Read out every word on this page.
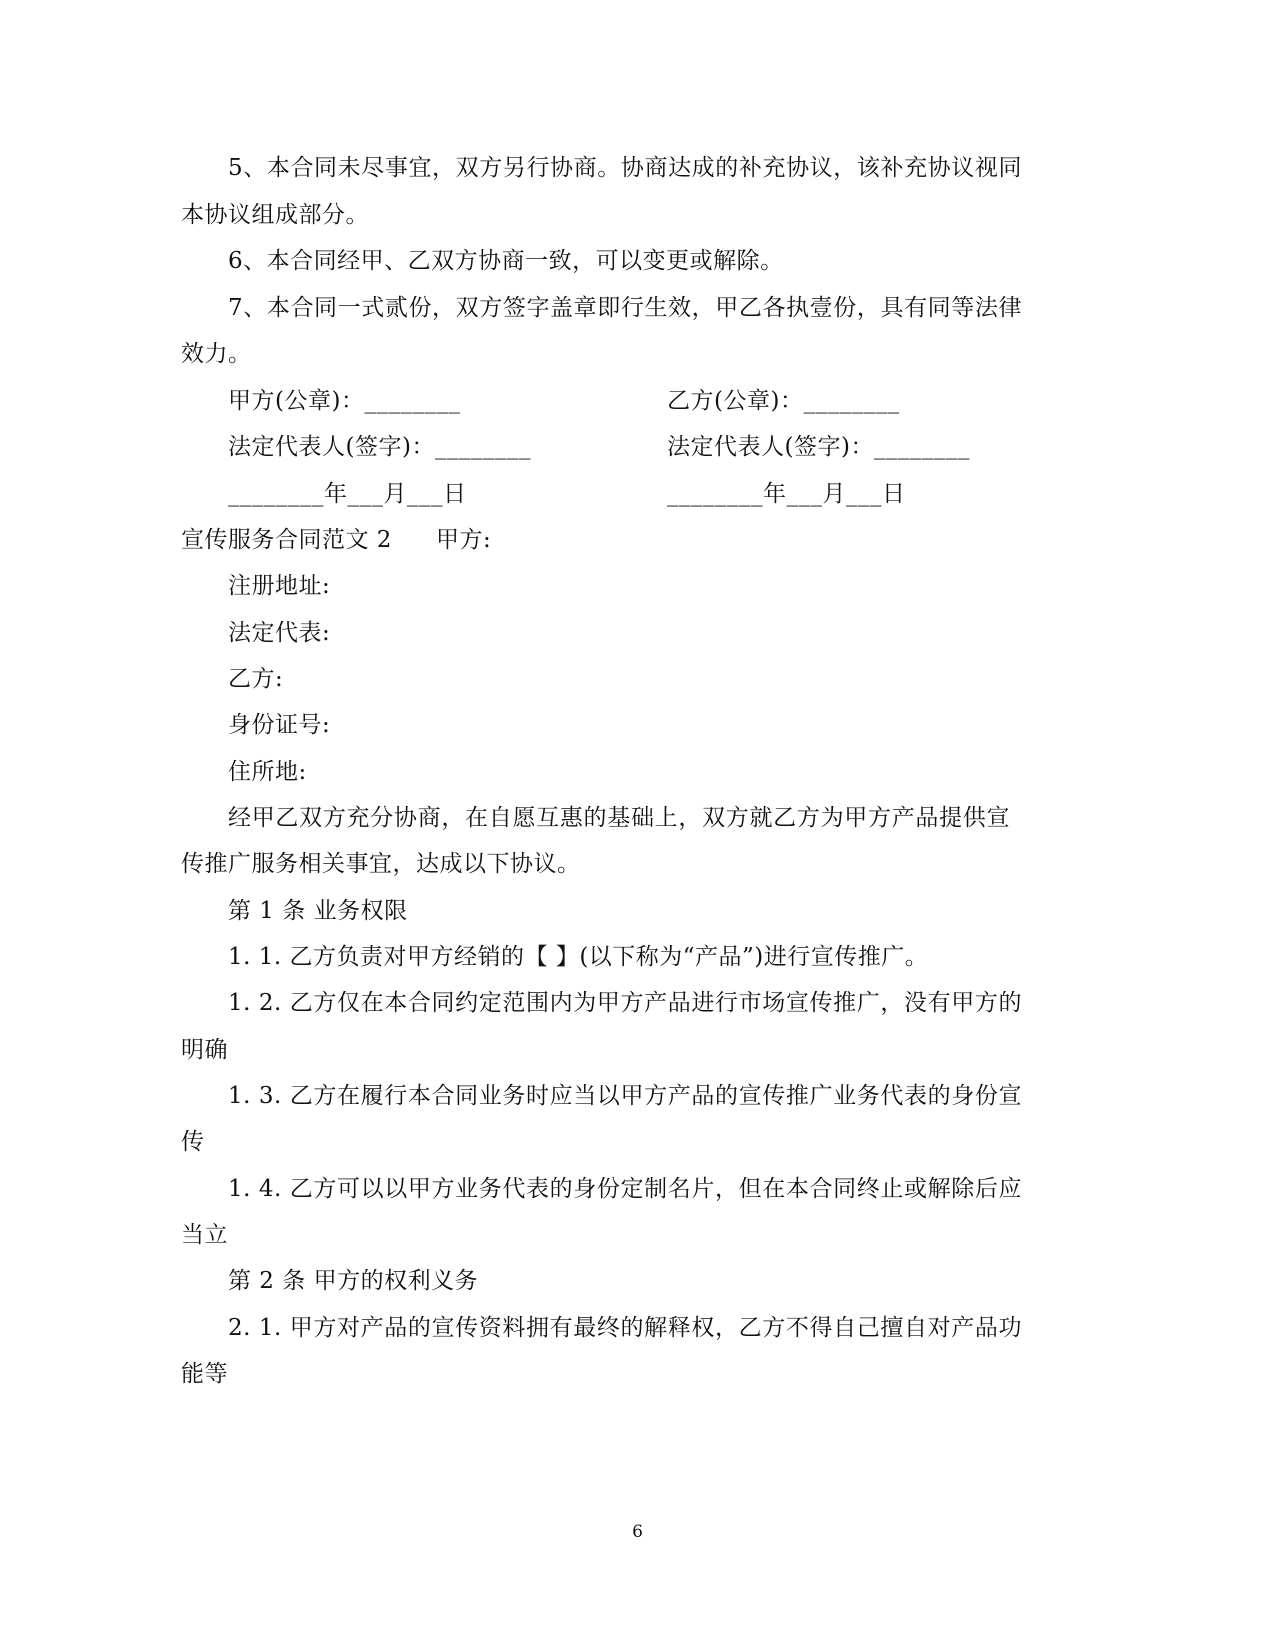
5、本合同未尽事宜，双方另行协商。协商达成的补充协议，该补充协议视同
本协议组成部分。
6、本合同经甲、乙双方协商一致，可以变更或解除。
7、本合同一式贰份，双方签字盖章即行生效，甲乙各执壹份，具有同等法律
效力。
甲方(公章)：________	乙方(公章)：________
法定代表人(签字)：________	法定代表人(签字)：________
________年___月___日	________年___月___日
宣传服务合同范文 2 甲方:
注册地址:
法定代表:
乙方:
身份证号:
住所地:
经甲乙双方充分协商，在自愿互惠的基础上，双方就乙方为甲方产品提供宣
传推广服务相关事宜，达成以下协议。
第 1 条 业务权限
1. 1. 乙方负责对甲方经销的【 】(以下称为“产品”)进行宣传推广。
1. 2. 乙方仅在本合同约定范围内为甲方产品进行市场宣传推广，没有甲方的
明确
1. 3. 乙方在履行本合同业务时应当以甲方产品的宣传推广业务代表的身份宣
传
1. 4. 乙方可以以甲方业务代表的身份定制名片，但在本合同终止或解除后应
当立
第 2 条 甲方的权利义务
2. 1. 甲方对产品的宣传资料拥有最终的解释权，乙方不得自己擅自对产品功
能等
6
